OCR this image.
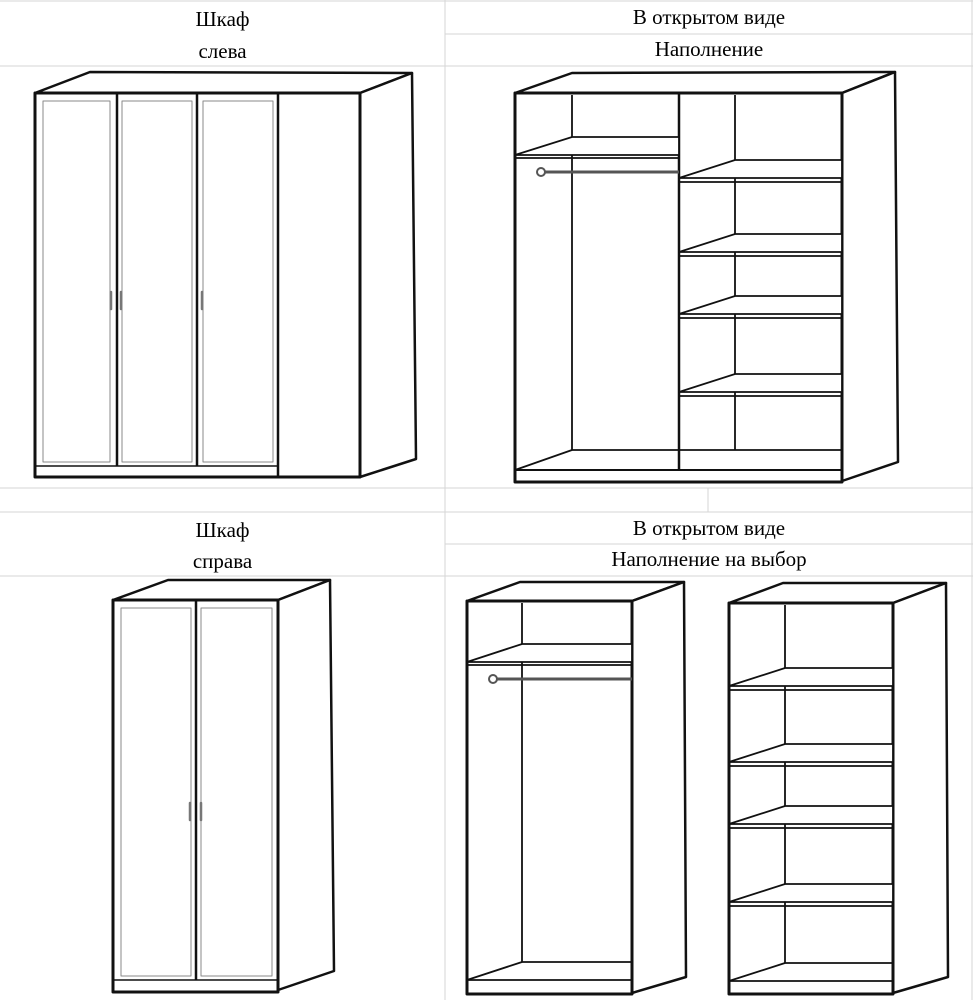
Шкаф
слева
В открытом виде
Наполнение
Шкаф
справа
В открытом виде
Наполнение на выбор
